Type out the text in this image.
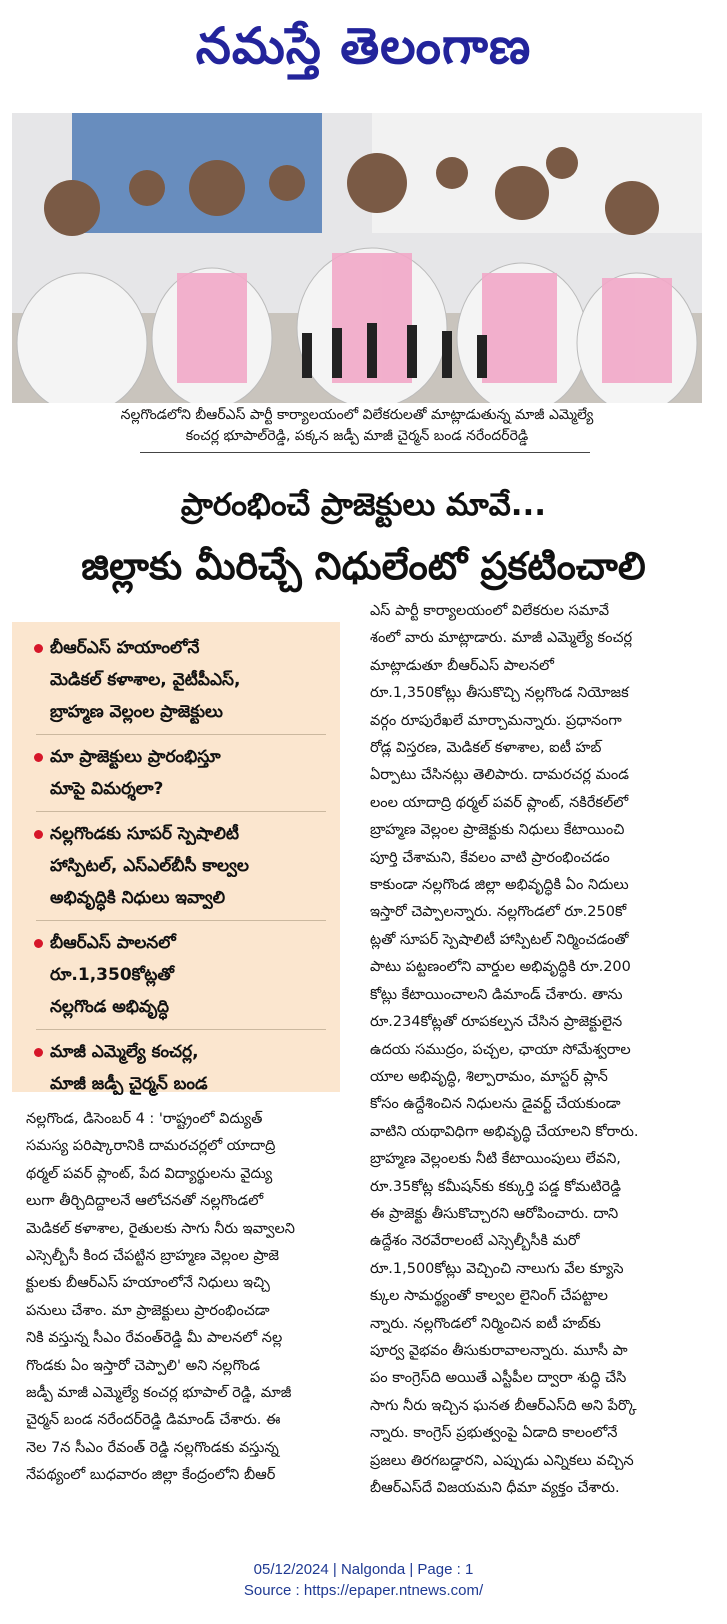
నమస్తే తెలంగాణ
నల్లగొండలోని బీఆర్‌ఎస్ పార్టీ కార్యాలయంలో విలేకరులతో మాట్లాడుతున్న మాజీ ఎమ్మెల్యే
కంచర్ల భూపాల్‌రెడ్డి, పక్కన జడ్పీ మాజీ చైర్మన్ బండ నరేందర్‌రెడ్డి
ప్రారంభించే ప్రాజెక్టులు మావే...
జిల్లాకు మీరిచ్చే నిధులేంటో ప్రకటించాలి
బీఆర్‌ఎస్ హయాంలోనే
మెడికల్ కళాశాల, వైటీపీఎస్,
బ్రాహ్మణ వెల్లంల ప్రాజెక్టులు
మా ప్రాజెక్టులు ప్రారంభిస్తూ
మాపై విమర్శలా?
నల్లగొండకు సూపర్ స్పెషాలిటీ
హాస్పిటల్, ఎస్‌ఎల్‌బీసీ కాల్వల
అభివృద్ధికి నిధులు ఇవ్వాలి
బీఆర్‌ఎస్ పాలనలో
రూ.1,350కోట్లతో
నల్లగొండ అభివృద్ధి
మాజీ ఎమ్మెల్యే కంచర్ల,
మాజీ జడ్పీ చైర్మన్ బండ
నల్లగొండ, డిసెంబర్ 4 : 'రాష్ట్రంలో విద్యుత్
సమస్య పరిష్కారానికి దామరచర్లలో యాదాద్రి
థర్మల్ పవర్ ప్లాంట్, పేద విద్యార్థులను వైద్యు
లుగా తీర్చిదిద్దాలనే ఆలోచనతో నల్లగొండలో
మెడికల్ కళాశాల, రైతులకు సాగు నీరు ఇవ్వాలని
ఎస్సెల్బీసీ కింద చేపట్టిన బ్రాహ్మణ వెల్లంల ప్రాజె
క్టులకు బీఆర్‌ఎస్ హయాంలోనే నిధులు ఇచ్చి
పనులు చేశాం. మా ప్రాజెక్టులు ప్రారంభించడా
నికి వస్తున్న సీఎం రేవంత్‌రెడ్డి మీ పాలనలో నల్ల
గొండకు ఏం ఇస్తారో చెప్పాలి' అని నల్లగొండ
జడ్పీ మాజీ ఎమ్మెల్యే కంచర్ల భూపాల్ రెడ్డి, మాజీ
చైర్మన్ బండ నరేందర్‌రెడ్డి డిమాండ్ చేశారు. ఈ
నెల 7న సీఎం రేవంత్ రెడ్డి నల్లగొండకు వస్తున్న
నేపథ్యంలో బుధవారం జిల్లా కేంద్రంలోని బీఆర్
ఎస్ పార్టీ కార్యాలయంలో విలేకరుల సమావే
శంలో వారు మాట్లాడారు. మాజీ ఎమ్మెల్యే కంచర్ల
మాట్లాడుతూ బీఆర్‌ఎస్ పాలనలో
రూ.1,350కోట్లు తీసుకొచ్చి నల్లగొండ నియోజక
వర్గం రూపురేఖలే మార్చామన్నారు. ప్రధానంగా
రోడ్ల విస్తరణ, మెడికల్ కళాశాల, ఐటీ హబ్
ఏర్పాటు చేసినట్లు తెలిపారు. దామరచర్ల మండ
లంల యాదాద్రి థర్మల్ పవర్ ప్లాంట్, నకిరేకల్‌లో
బ్రాహ్మణ వెల్లంల ప్రాజెక్టుకు నిధులు కేటాయించి
పూర్తి చేశామని, కేవలం వాటి ప్రారంభించడం
కాకుండా నల్లగొండ జిల్లా అభివృద్ధికి ఏం నిదులు
ఇస్తారో చెప్పాలన్నారు. నల్లగొండలో రూ.250కో
ట్లతో సూపర్ స్పెషాలిటీ హాస్పిటల్ నిర్మించడంతో
పాటు పట్టణంలోని వార్డుల అభివృద్ధికి రూ.200
కోట్లు కేటాయించాలని డిమాండ్ చేశారు. తాను
రూ.234కోట్లతో రూపకల్పన చేసిన ప్రాజెక్టులైన
ఉదయ సముద్రం, పచ్చల, ఛాయా సోమేశ్వరాల
యాల అభివృద్ధి, శిల్పారామం, మాస్టర్ ప్లాన్
కోసం ఉద్దేశించిన నిధులను డైవర్ట్ చేయకుండా
వాటిని యథావిధిగా అభివృద్ధి చేయాలని కోరారు.
బ్రాహ్మణ వెల్లంలకు నీటి కేటాయింపులు లేవని,
రూ.35కోట్ల కమీషన్‌కు కక్కుర్తి పడ్డ కోమటిరెడ్డి
ఈ ప్రాజెక్టు తీసుకొచ్చారని ఆరోపించారు. దాని
ఉద్దేశం నెరవేరాలంటే ఎస్సెల్బీసీకి మరో
రూ.1,500కోట్లు వెచ్చించి నాలుగు వేల క్యూసె
క్కుల సామర్థ్యంతో కాల్వల లైనింగ్ చేపట్టాల
న్నారు. నల్లగొండలో నిర్మించిన ఐటీ హబ్‌కు
పూర్వ వైభవం తీసుకురావాలన్నారు. మూసీ పా
పం కాంగ్రెస్‌ది అయితే ఎస్టీపీల ద్వారా శుద్ధి చేసి
సాగు నీరు ఇచ్చిన ఘనత బీఆర్‌ఎస్‌ది అని పేర్కొ
న్నారు. కాంగ్రెస్ ప్రభుత్వంపై ఏడాది కాలంలోనే
ప్రజలు తిరగబడ్డారని, ఎప్పుడు ఎన్నికలు వచ్చిన
బీఆర్‌ఎస్‌దే విజయమని ధీమా వ్యక్తం చేశారు.
05/12/2024 | Nalgonda | Page : 1
Source : https://epaper.ntnews.com/
